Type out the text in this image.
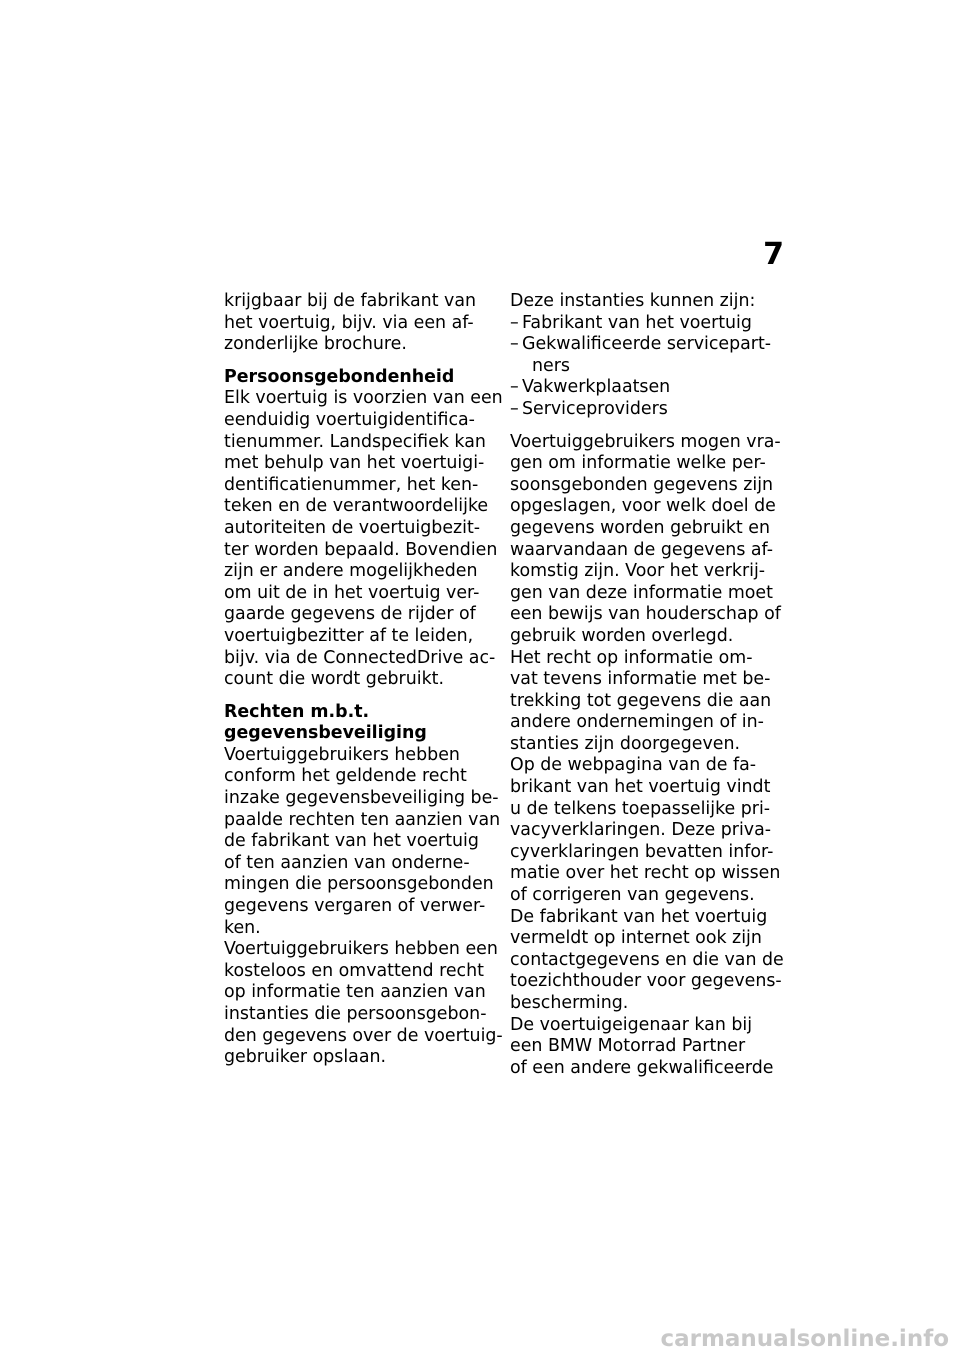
7
krijgbaar bij de fabrikant van
het voertuig, bijv. via een af-
zonderlijke brochure.
Persoonsgebondenheid
Elk voertuig is voorzien van een
eenduidig voertuigidentifica-
tienummer. Landspecifiek kan
met behulp van het voertuigi-
dentificatienummer, het ken-
teken en de verantwoordelijke
autoriteiten de voertuigbezit-
ter worden bepaald. Bovendien
zijn er andere mogelijkheden
om uit de in het voertuig ver-
gaarde gegevens de rijder of
voertuigbezitter af te leiden,
bijv. via de ConnectedDrive ac-
count die wordt gebruikt.
Rechten m.b.t.
gegevensbeveiliging
Voertuiggebruikers hebben
conform het geldende recht
inzake gegevensbeveiliging be-
paalde rechten ten aanzien van
de fabrikant van het voertuig
of ten aanzien van onderne-
mingen die persoonsgebonden
gegevens vergaren of verwer-
ken.
Voertuiggebruikers hebben een
kosteloos en omvattend recht
op informatie ten aanzien van
instanties die persoonsgebon-
den gegevens over de voertuig-
gebruiker opslaan.
Deze instanties kunnen zijn:
– Fabrikant van het voertuig
– Gekwalificeerde servicepart-
ners
– Vakwerkplaatsen
– Serviceproviders
Voertuiggebruikers mogen vra-
gen om informatie welke per-
soonsgebonden gegevens zijn
opgeslagen, voor welk doel de
gegevens worden gebruikt en
waarvandaan de gegevens af-
komstig zijn. Voor het verkrij-
gen van deze informatie moet
een bewijs van houderschap of
gebruik worden overlegd.
Het recht op informatie om-
vat tevens informatie met be-
trekking tot gegevens die aan
andere ondernemingen of in-
stanties zijn doorgegeven.
Op de webpagina van de fa-
brikant van het voertuig vindt
u de telkens toepasselijke pri-
vacyverklaringen. Deze priva-
cyverklaringen bevatten infor-
matie over het recht op wissen
of corrigeren van gegevens.
De fabrikant van het voertuig
vermeldt op internet ook zijn
contactgegevens en die van de
toezichthouder voor gegevens-
bescherming.
De voertuigeigenaar kan bij
een BMW Motorrad Partner
of een andere gekwalificeerde
carmanualsonline.info
